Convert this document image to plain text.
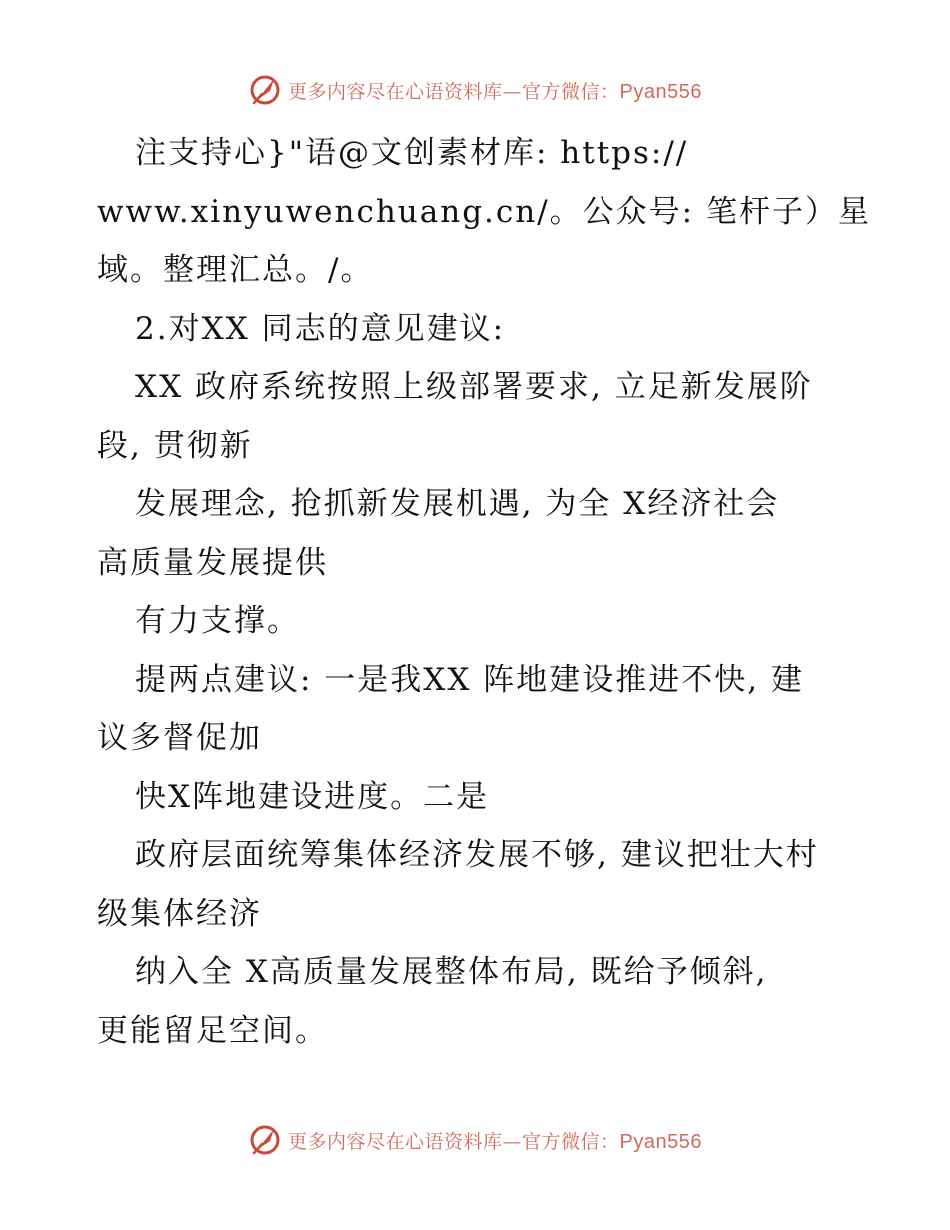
更多内容尽在心语资料库—官方微信：Pyan556
注支持心}"语@文创素材库: https://
www.xinyuwenchuang.cn/。公众号: 笔杆子）星
域。整理汇总。/。
2.对XX 同志的意见建议:
XX 政府系统按照上级部署要求, 立足新发展阶
段, 贯彻新
发展理念, 抢抓新发展机遇, 为全 X经济社会
高质量发展提供
有力支撑。
提两点建议: 一是我XX 阵地建设推进不快, 建
议多督促加
快X阵地建设进度。二是
政府层面统筹集体经济发展不够, 建议把壮大村
级集体经济
纳入全 X高质量发展整体布局, 既给予倾斜,
更能留足空间。
更多内容尽在心语资料库—官方微信：Pyan556
